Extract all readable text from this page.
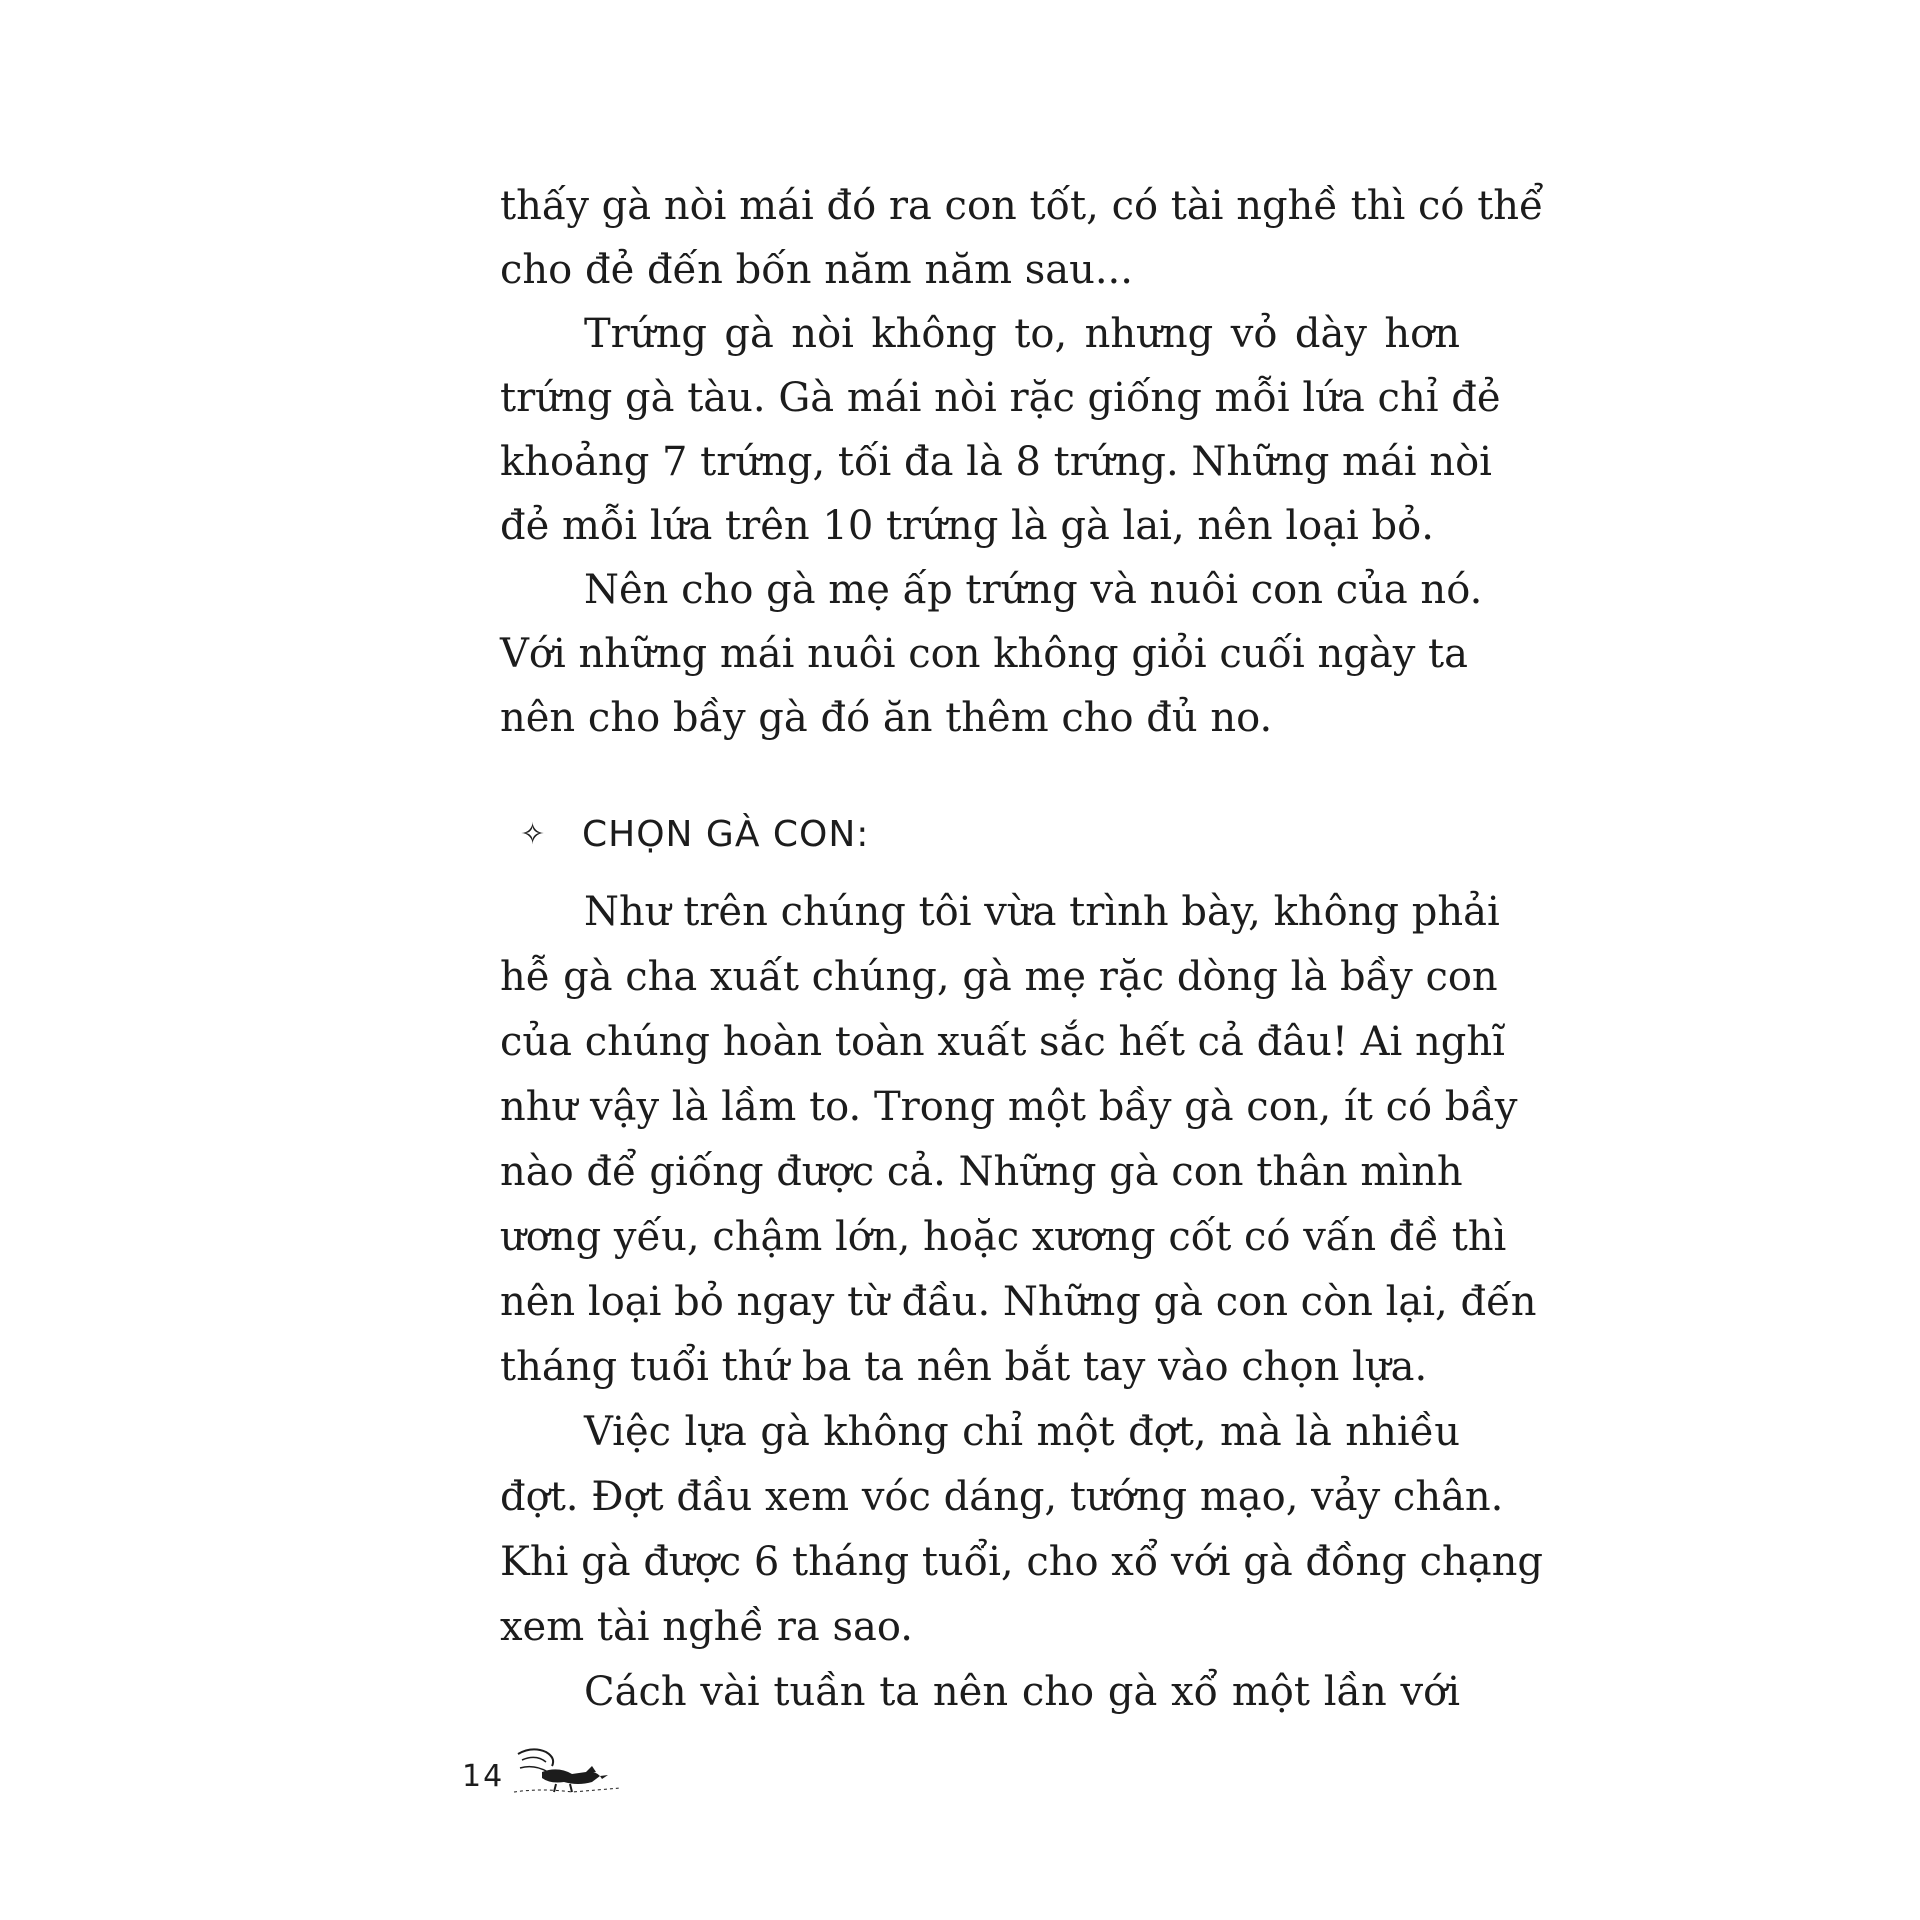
thấy gà nòi mái đó ra con tốt, có tài nghề thì có thể
cho đẻ đến bốn năm năm sau...
Trứng gà nòi không to, nhưng vỏ dày hơn
trứng gà tàu. Gà mái nòi rặc giống mỗi lứa chỉ đẻ
khoảng 7 trứng, tối đa là 8 trứng. Những mái nòi
đẻ mỗi lứa trên 10 trứng là gà lai, nên loại bỏ.
Nên cho gà mẹ ấp trứng và nuôi con của nó.
Với những mái nuôi con không giỏi cuối ngày ta
nên cho bầy gà đó ăn thêm cho đủ no.
✧ CHỌN GÀ CON:
Như trên chúng tôi vừa trình bày, không phải
hễ gà cha xuất chúng, gà mẹ rặc dòng là bầy con
của chúng hoàn toàn xuất sắc hết cả đâu! Ai nghĩ
như vậy là lầm to. Trong một bầy gà con, ít có bầy
nào để giống được cả. Những gà con thân mình
ương yếu, chậm lớn, hoặc xương cốt có vấn đề thì
nên loại bỏ ngay từ đầu. Những gà con còn lại, đến
tháng tuổi thứ ba ta nên bắt tay vào chọn lựa.
Việc lựa gà không chỉ một đợt, mà là nhiều
đợt. Đợt đầu xem vóc dáng, tướng mạo, vảy chân.
Khi gà được 6 tháng tuổi, cho xổ với gà đồng chạng
xem tài nghề ra sao.
Cách vài tuần ta nên cho gà xổ một lần với
14
